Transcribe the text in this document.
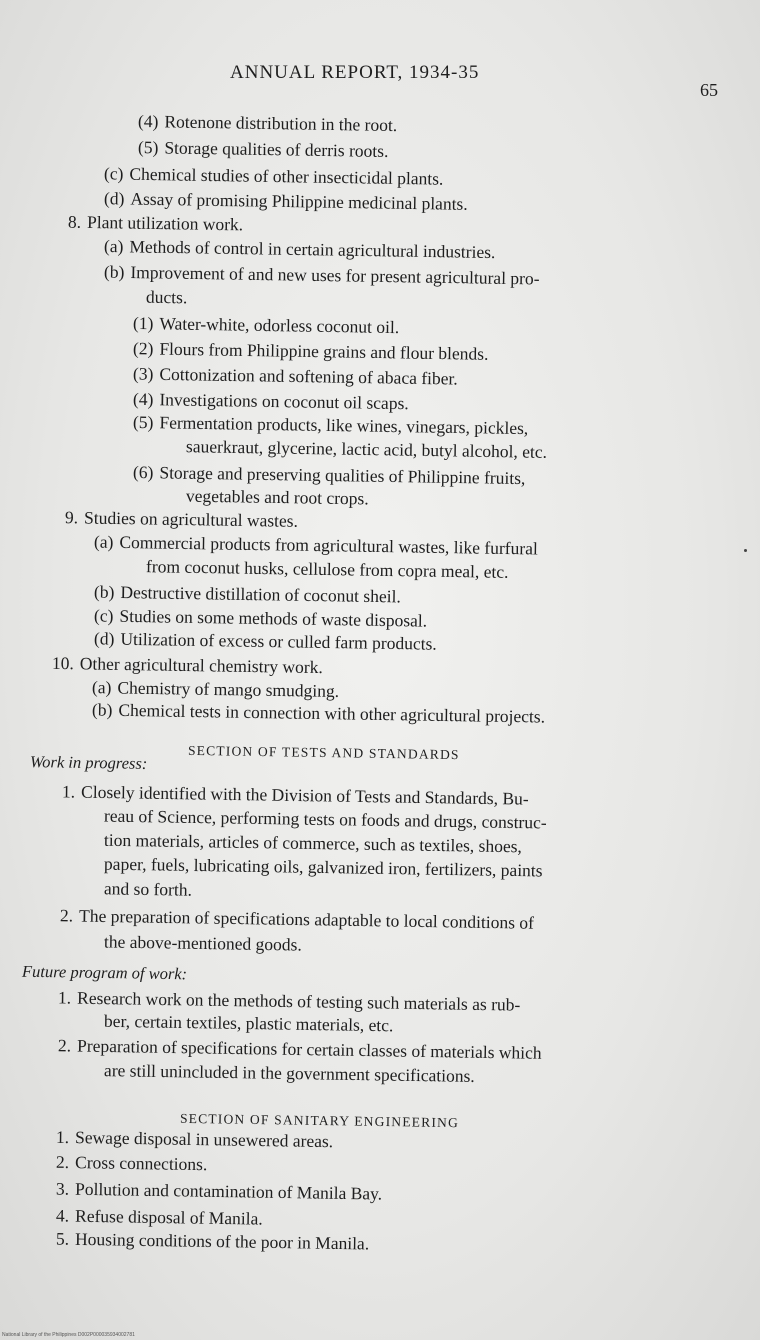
ANNUAL REPORT, 1934-35
65
(4) Rotenone distribution in the root.
(5) Storage qualities of derris roots.
(c) Chemical studies of other insecticidal plants.
(d) Assay of promising Philippine medicinal plants.
8. Plant utilization work.
(a) Methods of control in certain agricultural industries.
(b) Improvement of and new uses for present agricultural pro-
ducts.
(1) Water-white, odorless coconut oil.
(2) Flours from Philippine grains and flour blends.
(3) Cottonization and softening of abaca fiber.
(4) Investigations on coconut oil scaps.
(5) Fermentation products, like wines, vinegars, pickles,
sauerkraut, glycerine, lactic acid, butyl alcohol, etc.
(6) Storage and preserving qualities of Philippine fruits,
vegetables and root crops.
9. Studies on agricultural wastes.
(a) Commercial products from agricultural wastes, like furfural
from coconut husks, cellulose from copra meal, etc.
(b) Destructive distillation of coconut sheil.
(c) Studies on some methods of waste disposal.
(d) Utilization of excess or culled farm products.
10. Other agricultural chemistry work.
(a) Chemistry of mango smudging.
(b) Chemical tests in connection with other agricultural projects.
SECTION OF TESTS AND STANDARDS
Work in progress:
1. Closely identified with the Division of Tests and Standards, Bu-
reau of Science, performing tests on foods and drugs, construc-
tion materials, articles of commerce, such as textiles, shoes,
paper, fuels, lubricating oils, galvanized iron, fertilizers, paints
and so forth.
2. The preparation of specifications adaptable to local conditions of
the above-mentioned goods.
Future program of work:
1. Research work on the methods of testing such materials as rub-
ber, certain textiles, plastic materials, etc.
2. Preparation of specifications for certain classes of materials which
are still unincluded in the government specifications.
SECTION OF SANITARY ENGINEERING
1. Sewage disposal in unsewered areas.
2. Cross connections.
3. Pollution and contamination of Manila Bay.
4. Refuse disposal of Manila.
5. Housing conditions of the poor in Manila.
National Library of the Philippines D002P000035934002781
